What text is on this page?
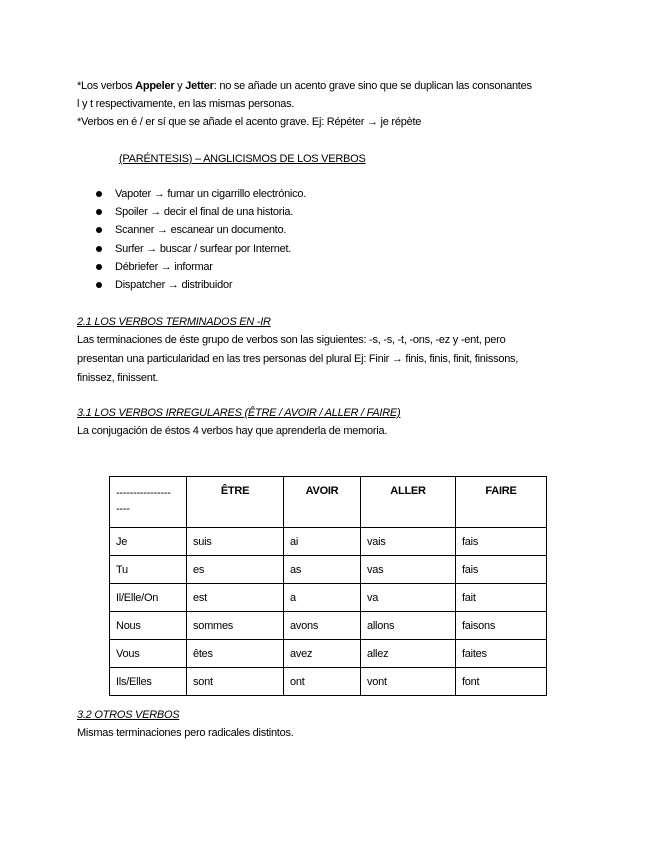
*Los verbos Appeler y Jetter: no se añade un acento grave sino que se duplican las consonantes
l y t respectivamente, en las mismas personas.
*Verbos en é / er sí que se añade el acento grave. Ej: Répéter → je répète
(PARÉNTESIS) – ANGLICISMOS DE LOS VERBOS
Vapoter → fumar un cigarrillo electrónico.
Spoiler → decir el final de una historia.
Scanner → escanear un documento.
Surfer → buscar / surfear por Internet.
Débriefer → informar
Dispatcher → distribuidor
2.1 LOS VERBOS TERMINADOS EN -IR
Las terminaciones de éste grupo de verbos son las siguientes: -s, -s, -t, -ons, -ez y -ent, pero
presentan una particularidad en las tres personas del plural Ej: Finir → finis, finis, finit, finissons,
finissez, finissent.
3.1 LOS VERBOS IRREGULARES (ÊTRE / AVOIR / ALLER / FAIRE)
La conjugación de éstos 4 verbos hay que aprenderla de memoria.
----------------
----	ÊTRE	AVOIR	ALLER	FAIRE
Je	suis	ai	vais	fais
Tu	es	as	vas	fais
Il/Elle/On	est	a	va	fait
Nous	sommes	avons	allons	faisons
Vous	êtes	avez	allez	faites
Ils/Elles	sont	ont	vont	font
3.2 OTROS VERBOS
Mismas terminaciones pero radicales distintos.
